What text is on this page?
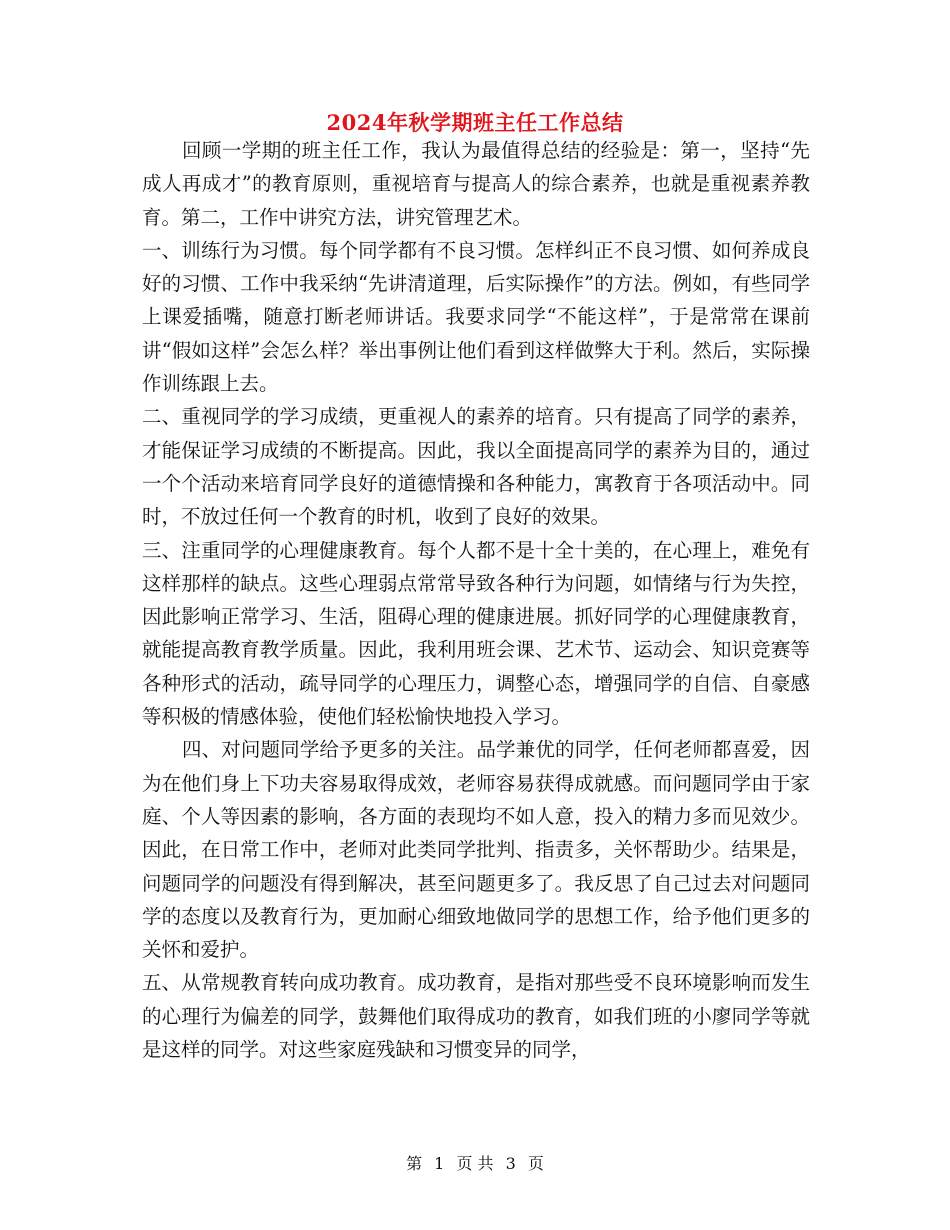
2024年秋学期班主任工作总结

回顾一学期的班主任工作，我认为最值得总结的经验是：第一，坚持“先成人再成才”的教育原则，重视培育与提高人的综合素养，也就是重视素养教育。第二，工作中讲究方法，讲究管理艺术。

一、训练行为习惯。每个同学都有不良习惯。怎样纠正不良习惯、如何养成良好的习惯、工作中我采纳“先讲清道理，后实际操作”的方法。例如，有些同学上课爱插嘴，随意打断老师讲话。我要求同学“不能这样”，于是常常在课前讲“假如这样”会怎么样？举出事例让他们看到这样做弊大于利。然后，实际操作训练跟上去。

二、重视同学的学习成绩，更重视人的素养的培育。只有提高了同学的素养，才能保证学习成绩的不断提高。因此，我以全面提高同学的素养为目的，通过一个个活动来培育同学良好的道德情操和各种能力，寓教育于各项活动中。同时，不放过任何一个教育的时机，收到了良好的效果。

三、注重同学的心理健康教育。每个人都不是十全十美的，在心理上，难免有这样那样的缺点。这些心理弱点常常导致各种行为问题，如情绪与行为失控，因此影响正常学习、生活，阻碍心理的健康进展。抓好同学的心理健康教育，就能提高教育教学质量。因此，我利用班会课、艺术节、运动会、知识竞赛等各种形式的活动，疏导同学的心理压力，调整心态，增强同学的自信、自豪感等积极的情感体验，使他们轻松愉快地投入学习。

四、对问题同学给予更多的关注。品学兼优的同学，任何老师都喜爱，因为在他们身上下功夫容易取得成效，老师容易获得成就感。而问题同学由于家庭、个人等因素的影响，各方面的表现均不如人意，投入的精力多而见效少。因此，在日常工作中，老师对此类同学批判、指责多，关怀帮助少。结果是，问题同学的问题没有得到解决，甚至问题更多了。我反思了自己过去对问题同学的态度以及教育行为，更加耐心细致地做同学的思想工作，给予他们更多的关怀和爱护。

五、从常规教育转向成功教育。成功教育，是指对那些受不良环境影响而发生的心理行为偏差的同学，鼓舞他们取得成功的教育，如我们班的小廖同学等就是这样的同学。对这些家庭残缺和习惯变异的同学，

第 1 页 共 3 页
